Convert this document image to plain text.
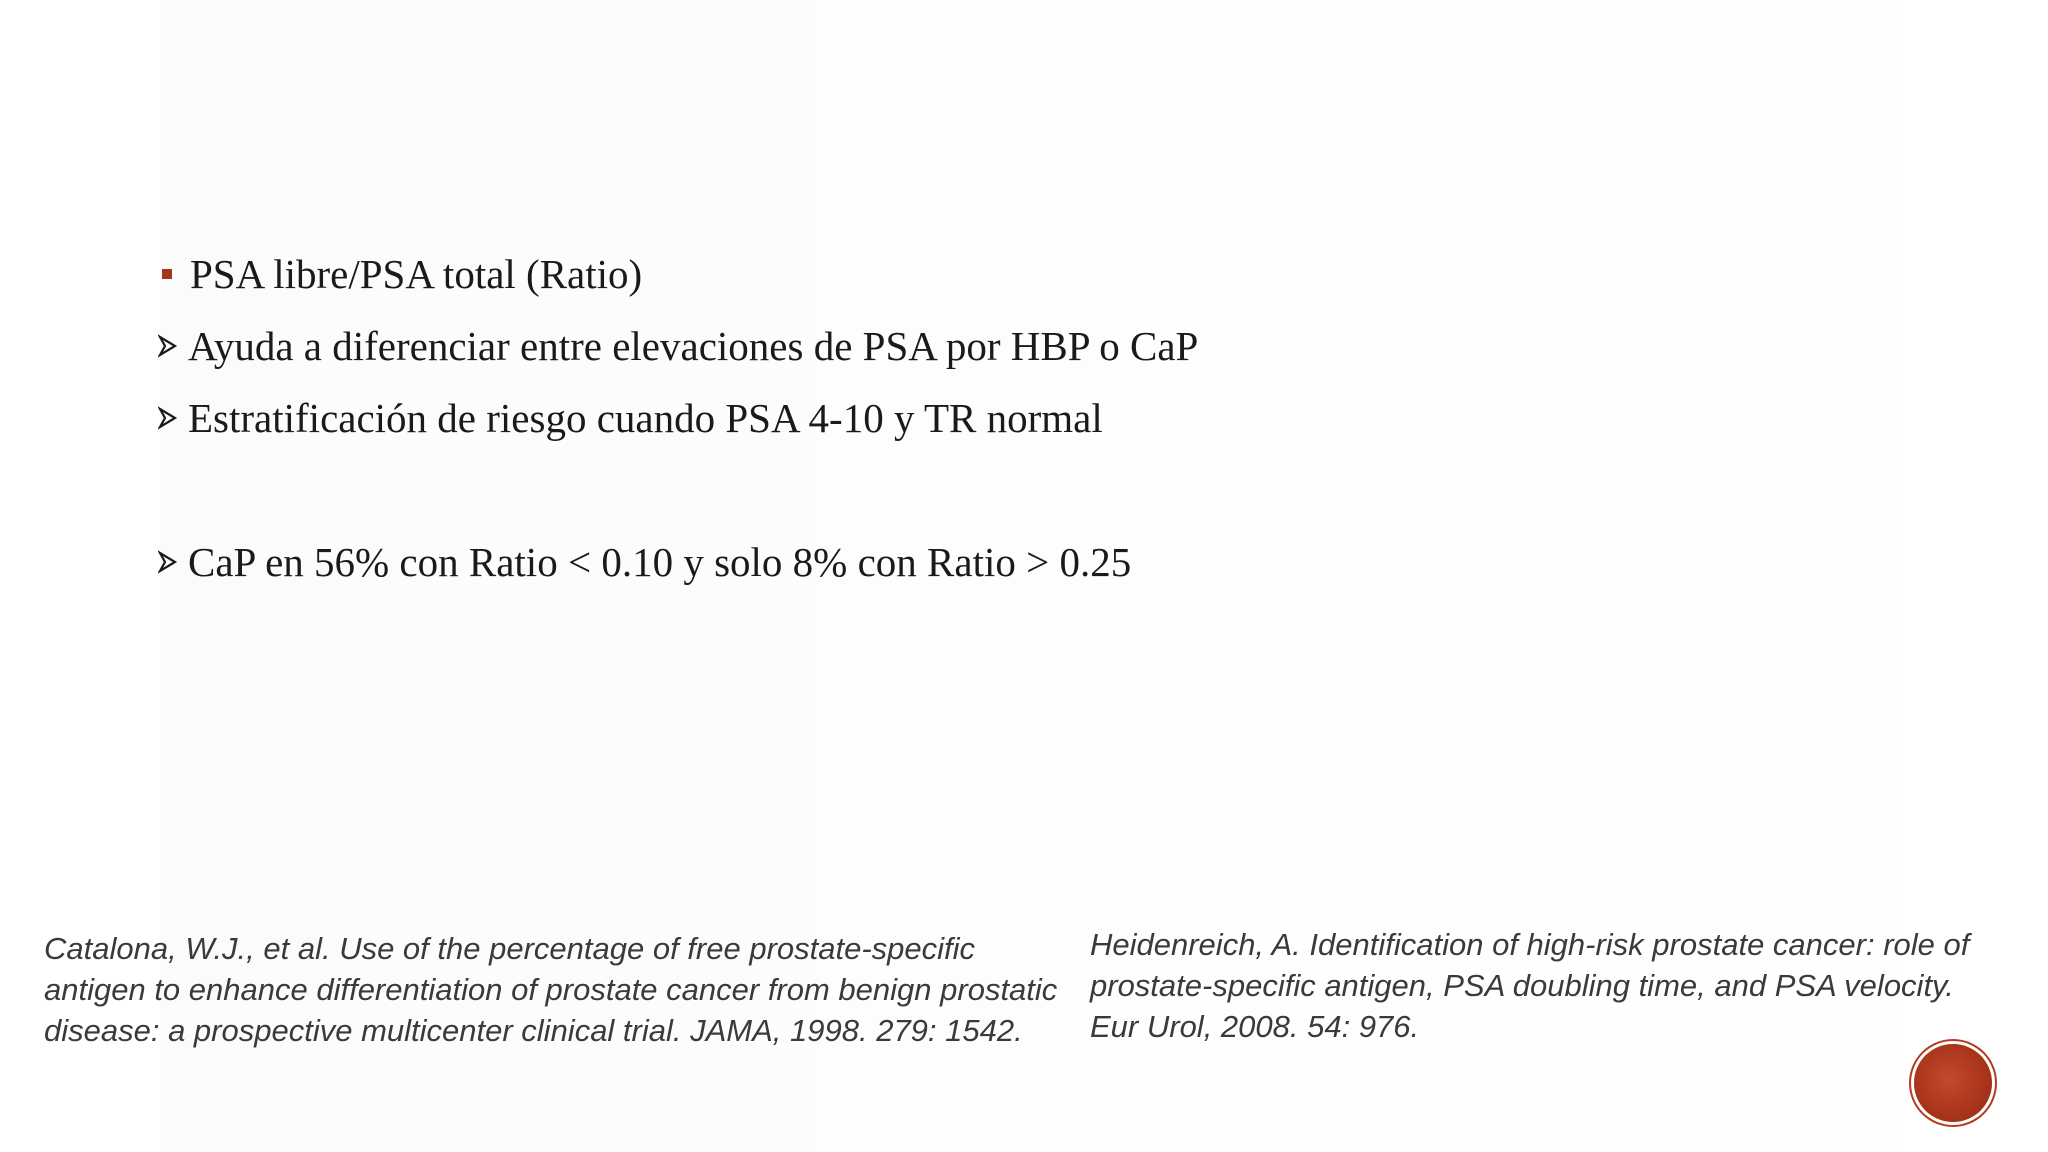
PSA libre/PSA total (Ratio)
Ayuda a diferenciar entre elevaciones de PSA por HBP o CaP
Estratificación de riesgo cuando PSA 4-10 y TR normal
CaP en 56% con Ratio < 0.10 y solo 8% con Ratio > 0.25
Catalona, W.J., et al. Use of the percentage of free prostate-specific antigen to enhance differentiation of prostate cancer from benign prostatic disease: a prospective multicenter clinical trial. JAMA, 1998. 279: 1542.
Heidenreich, A. Identification of high-risk prostate cancer: role of prostate-specific antigen, PSA doubling time, and PSA velocity. Eur Urol, 2008. 54: 976.
